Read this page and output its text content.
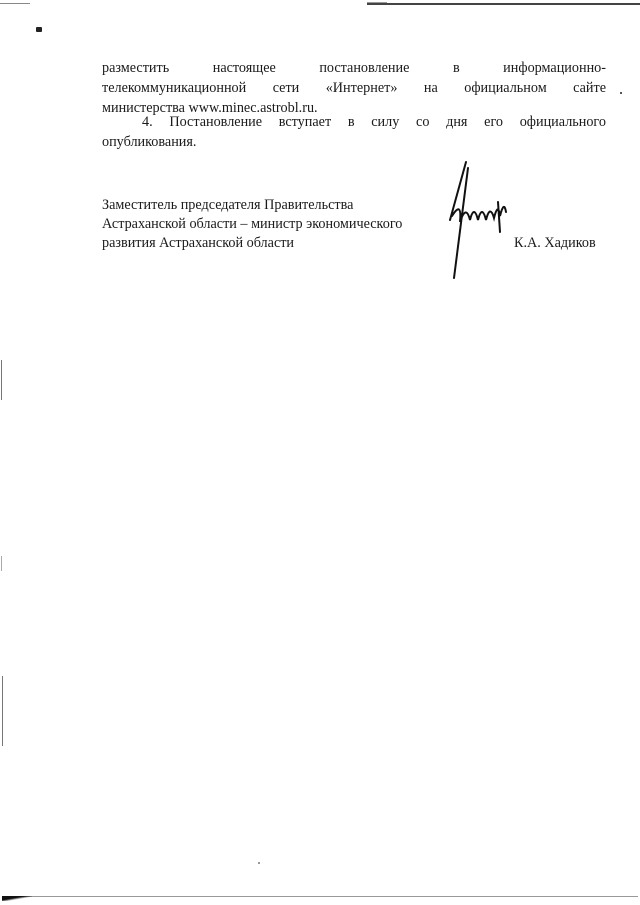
разместить настоящее постановление в информационно-
телекоммуникационной сети «Интернет» на официальном сайте
министерства www.minec.astrobl.ru.
4. Постановление вступает в силу со дня его официального
опубликования.
Заместитель председателя Правительства
Астраханской области – министр экономического
развития Астраханской области	К.А. Хадиков
